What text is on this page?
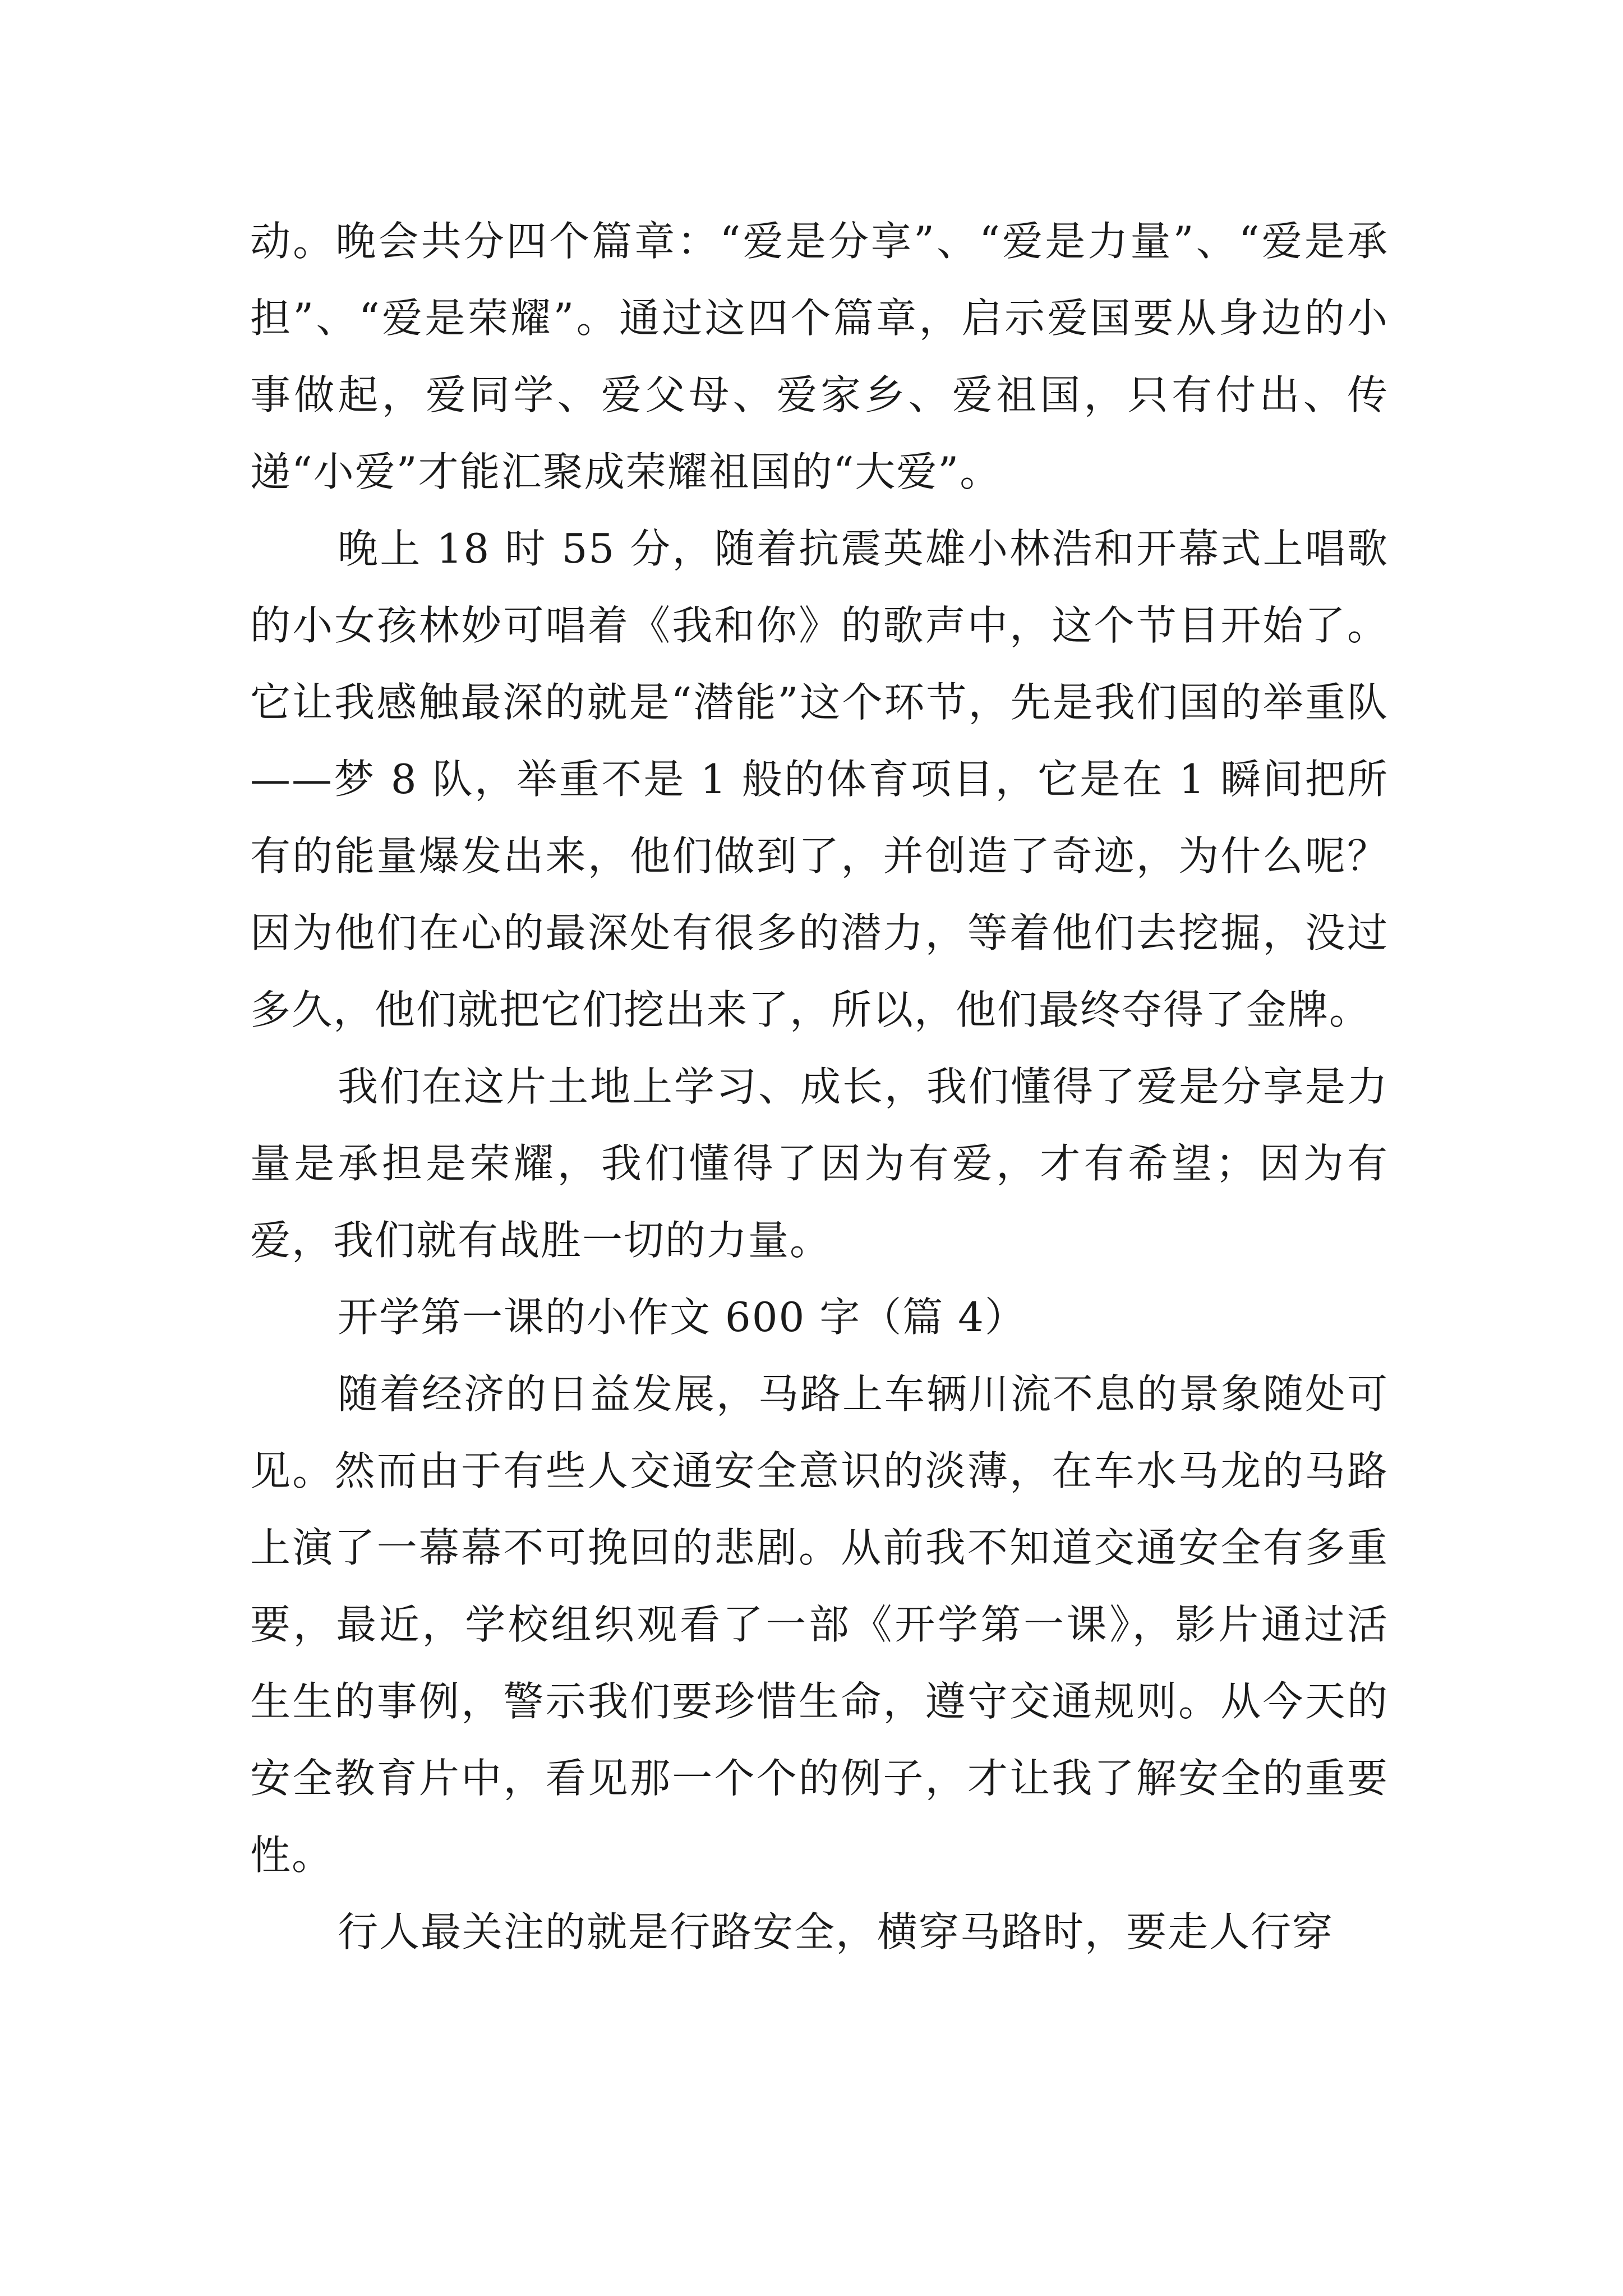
动。晚会共分四个篇章：“爱是分享”、“爱是力量”、“爱是承担”、“爱是荣耀”。通过这四个篇章，启示爱国要从身边的小事做起，爱同学、爱父母、爱家乡、爱祖国，只有付出、传递“小爱”才能汇聚成荣耀祖国的“大爱”。

晚上 18 时 55 分，随着抗震英雄小林浩和开幕式上唱歌的小女孩林妙可唱着《我和你》的歌声中，这个节目开始了。它让我感触最深的就是“潜能”这个环节，先是我们国的举重队——梦 8 队，举重不是 1 般的体育项目，它是在 1 瞬间把所有的能量爆发出来，他们做到了，并创造了奇迹，为什么呢？因为他们在心的最深处有很多的潜力，等着他们去挖掘，没过多久，他们就把它们挖出来了，所以，他们最终夺得了金牌。

我们在这片土地上学习、成长，我们懂得了爱是分享是力量是承担是荣耀，我们懂得了因为有爱，才有希望；因为有爱，我们就有战胜一切的力量。

开学第一课的小作文 600 字（篇 4）

随着经济的日益发展，马路上车辆川流不息的景象随处可见。然而由于有些人交通安全意识的淡薄，在车水马龙的马路上演了一幕幕不可挽回的悲剧。从前我不知道交通安全有多重要，最近，学校组织观看了一部《开学第一课》，影片通过活生生的事例，警示我们要珍惜生命，遵守交通规则。从今天的安全教育片中，看见那一个个的例子，才让我了解安全的重要性。

行人最关注的就是行路安全，横穿马路时，要走人行穿
